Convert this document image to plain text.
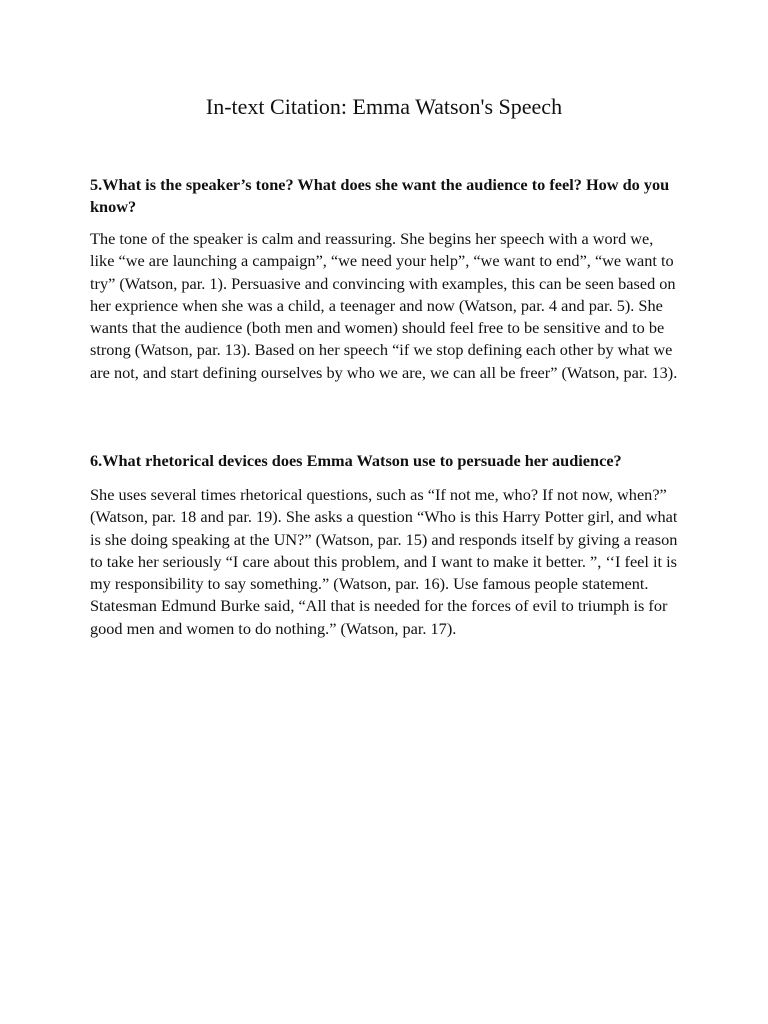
In-text Citation: Emma Watson's Speech

5.What is the speaker’s tone? What does she want the audience to feel? How do you know?

The tone of the speaker is calm and reassuring. She begins her speech with a word we, like “we are launching a campaign”, “we need your help”, “we want to end”, “we want to try” (Watson, par. 1). Persuasive and convincing with examples, this can be seen based on her exprience when she was a child, a teenager and now (Watson, par. 4 and par. 5). She wants that the audience (both men and women) should feel free to be sensitive and to be strong (Watson, par. 13). Based on her speech “if we stop defining each other by what we are not, and start defining ourselves by who we are, we can all be freer” (Watson, par. 13).

6.What rhetorical devices does Emma Watson use to persuade her audience?

She uses several times rhetorical questions, such as “If not me, who? If not now, when?” (Watson, par. 18 and par. 19). She asks a question “Who is this Harry Potter girl, and what is she doing speaking at the UN?” (Watson, par. 15) and responds itself by giving a reason to take her seriously “I care about this problem, and I want to make it better. ”, ‘‘I feel it is my responsibility to say something.” (Watson, par. 16). Use famous people statement. Statesman Edmund Burke said, “All that is needed for the forces of evil to triumph is for good men and women to do nothing.” (Watson, par. 17).
